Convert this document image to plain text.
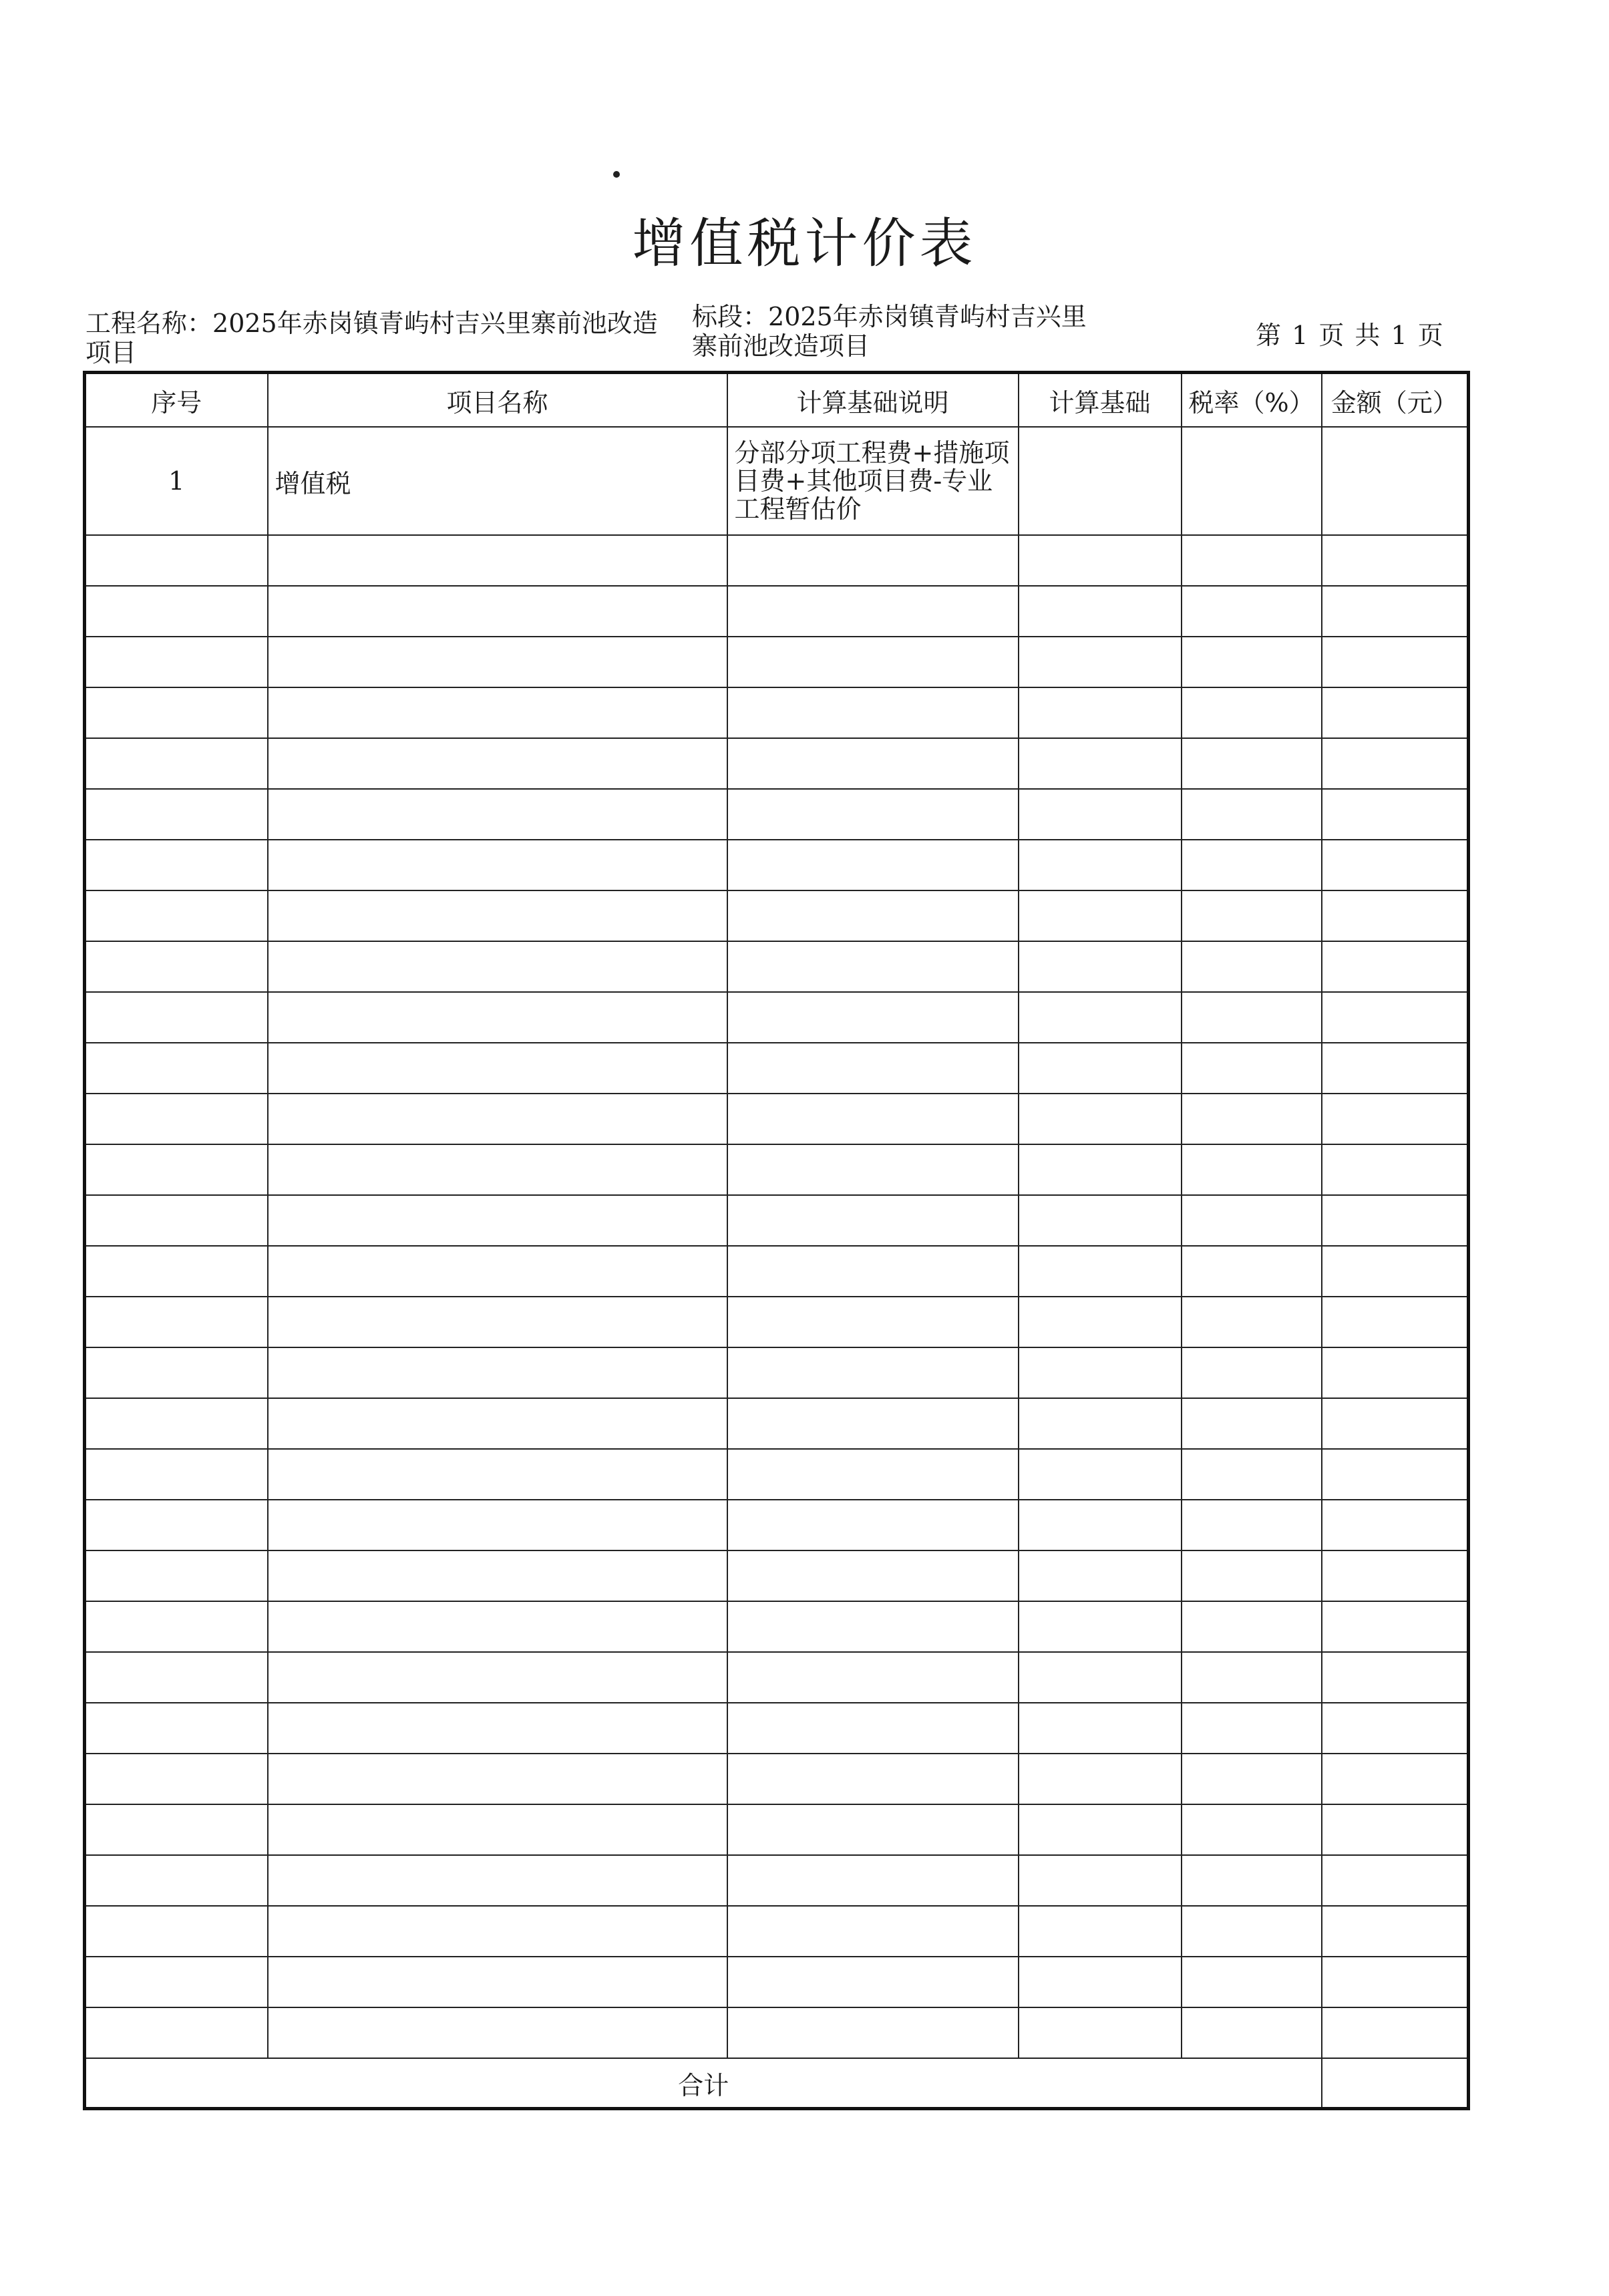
增值税计价表
工程名称：2025年赤岗镇青屿村吉兴里寨前池改造项目
标段：2025年赤岗镇青屿村吉兴里寨前池改造项目	第 1 页 共 1 页
序号	项目名称	计算基础说明	计算基础	税率（%）	金额（元）
1	增值税	分部分项工程费+措施项目费+其他项目费-专业工程暂估价			

合计					
